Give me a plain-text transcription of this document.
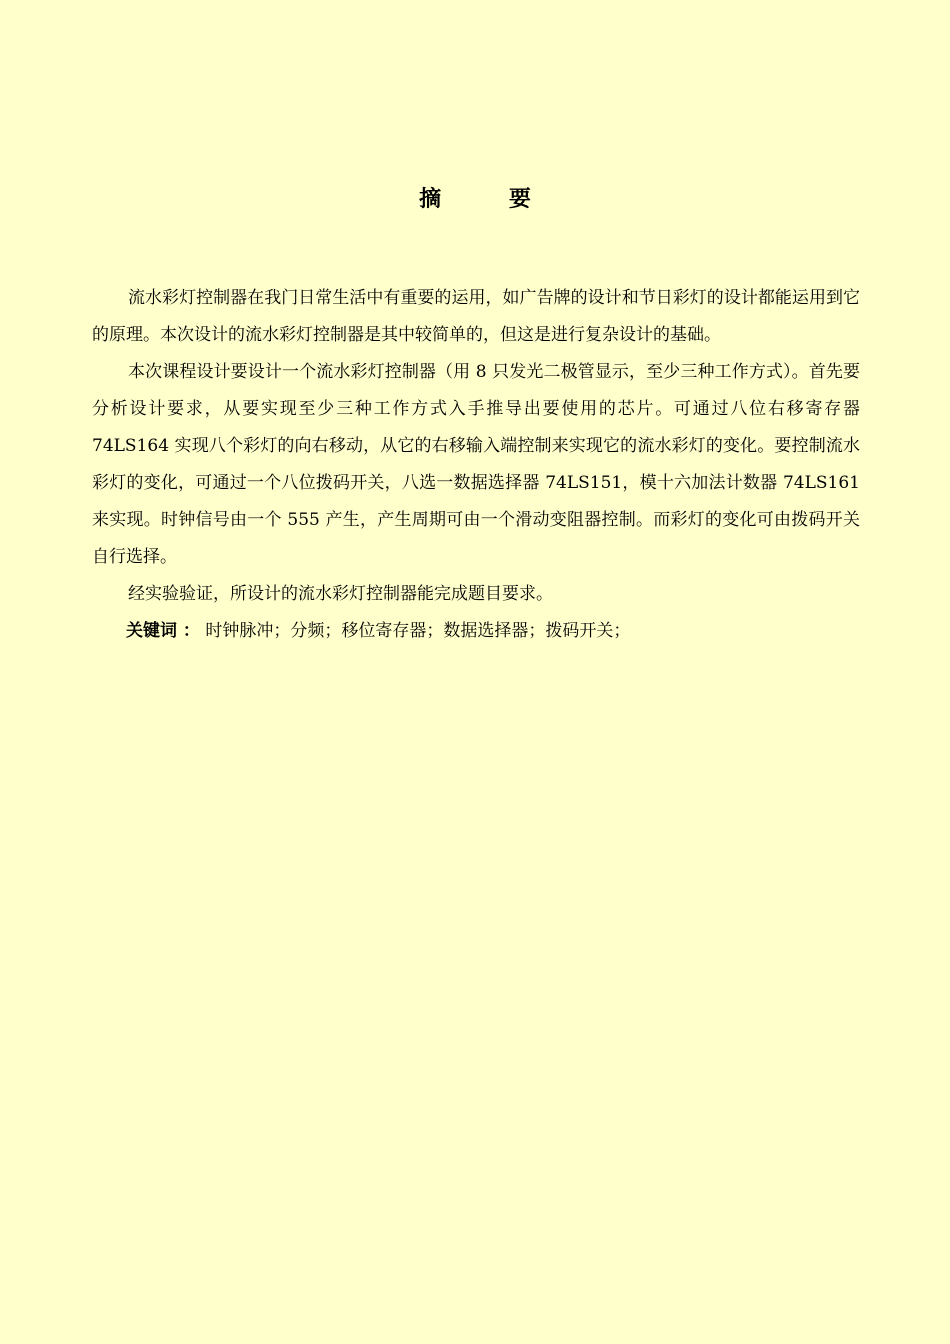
摘 要

流水彩灯控制器在我门日常生活中有重要的运用，如广告牌的设计和节日彩灯的设计都能运用到它的原理。本次设计的流水彩灯控制器是其中较简单的，但这是进行复杂设计的基础。

本次课程设计要设计一个流水彩灯控制器（用 8 只发光二极管显示，至少三种工作方式）。首先要分析设计要求，从要实现至少三种工作方式入手推导出要使用的芯片。可通过八位右移寄存器 74LS164 实现八个彩灯的向右移动，从它的右移输入端控制来实现它的流水彩灯的变化。要控制流水彩灯的变化，可通过一个八位拨码开关，八选一数据选择器 74LS151，模十六加法计数器 74LS161 来实现。时钟信号由一个 555 产生，产生周期可由一个滑动变阻器控制。而彩灯的变化可由拨码开关自行选择。

经实验验证，所设计的流水彩灯控制器能完成题目要求。

关键词 ： 时钟脉冲；分频；移位寄存器；数据选择器；拨码开关；
